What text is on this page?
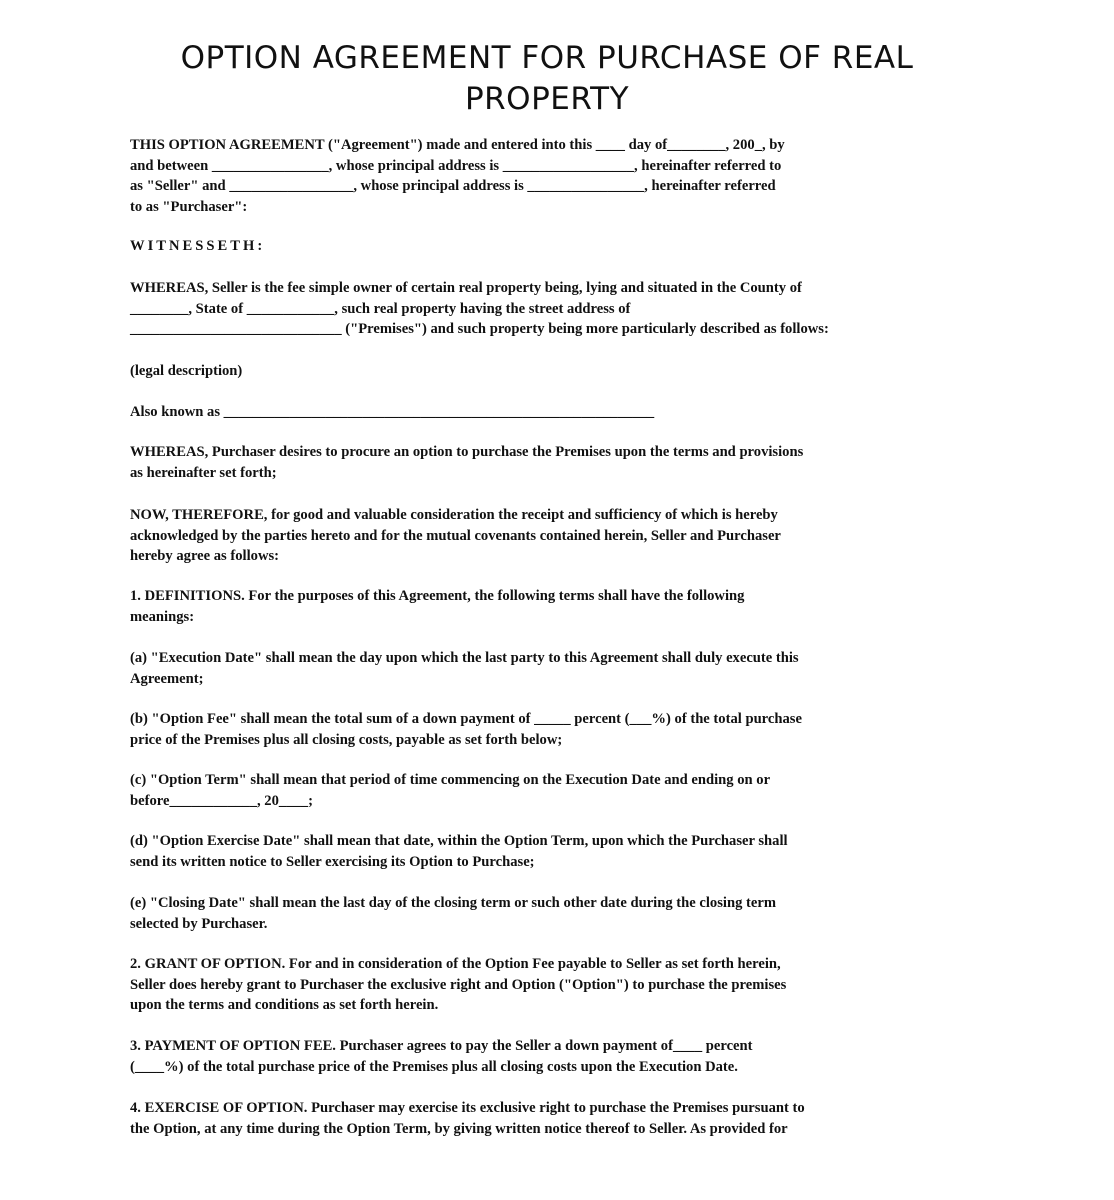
OPTION AGREEMENT FOR PURCHASE OF REAL
PROPERTY

THIS OPTION AGREEMENT ("Agreement") made and entered into this ____ day of________, 200_, by
and between ________________, whose principal address is __________________, hereinafter referred to
as "Seller" and _________________, whose principal address is ________________, hereinafter referred
to as "Purchaser":

WITNESSETH:

WHEREAS, Seller is the fee simple owner of certain real property being, lying and situated in the County of
________, State of ____________, such real property having the street address of
_____________________________ ("Premises") and such property being more particularly described as follows:

(legal description)

Also known as ___________________________________________________________

WHEREAS, Purchaser desires to procure an option to purchase the Premises upon the terms and provisions
as hereinafter set forth;

NOW, THEREFORE, for good and valuable consideration the receipt and sufficiency of which is hereby
acknowledged by the parties hereto and for the mutual covenants contained herein, Seller and Purchaser
hereby agree as follows:

1. DEFINITIONS. For the purposes of this Agreement, the following terms shall have the following
meanings:

(a) "Execution Date" shall mean the day upon which the last party to this Agreement shall duly execute this
Agreement;

(b) "Option Fee" shall mean the total sum of a down payment of _____ percent (___%) of the total purchase
price of the Premises plus all closing costs, payable as set forth below;

(c) "Option Term" shall mean that period of time commencing on the Execution Date and ending on or
before____________, 20____;

(d) "Option Exercise Date" shall mean that date, within the Option Term, upon which the Purchaser shall
send its written notice to Seller exercising its Option to Purchase;

(e) "Closing Date" shall mean the last day of the closing term or such other date during the closing term
selected by Purchaser.

2. GRANT OF OPTION. For and in consideration of the Option Fee payable to Seller as set forth herein,
Seller does hereby grant to Purchaser the exclusive right and Option ("Option") to purchase the premises
upon the terms and conditions as set forth herein.

3. PAYMENT OF OPTION FEE. Purchaser agrees to pay the Seller a down payment of____ percent
(____%) of the total purchase price of the Premises plus all closing costs upon the Execution Date.

4. EXERCISE OF OPTION. Purchaser may exercise its exclusive right to purchase the Premises pursuant to
the Option, at any time during the Option Term, by giving written notice thereof to Seller. As provided for
